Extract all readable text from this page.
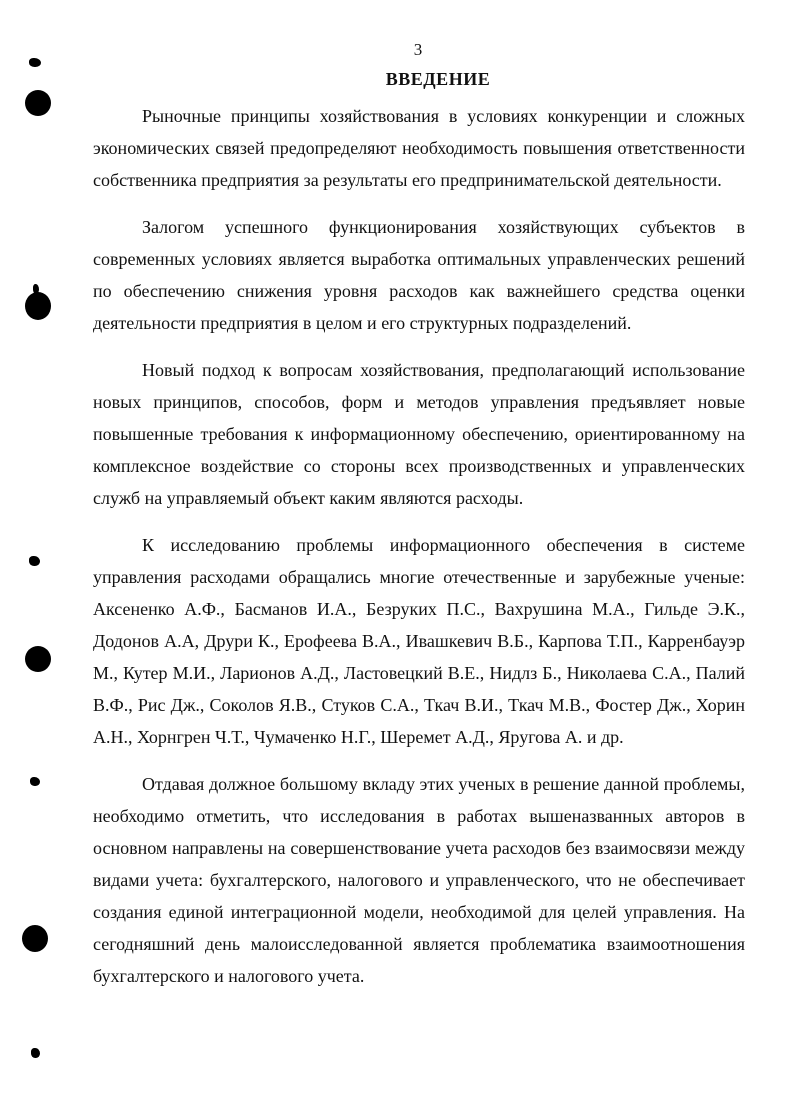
3
ВВЕДЕНИЕ

Рыночные принципы хозяйствования в условиях конкуренции и сложных экономических связей предопределяют необходимость повышения ответственности собственника предприятия за результаты его предпринимательской деятельности.

Залогом успешного функционирования хозяйствующих субъектов в современных условиях является выработка оптимальных управленческих решений по обеспечению снижения уровня расходов как важнейшего средства оценки деятельности предприятия в целом и его структурных подразделений.

Новый подход к вопросам хозяйствования, предполагающий использование новых принципов, способов, форм и методов управления предъявляет новые повышенные требования к информационному обеспечению, ориентированному на комплексное воздействие со стороны всех производственных и управленческих служб на управляемый объект каким являются расходы.

К исследованию проблемы информационного обеспечения в системе управления расходами обращались многие отечественные и зарубежные ученые: Аксененко А.Ф., Басманов И.А., Безруких П.С., Вахрушина М.А., Гильде Э.К., Додонов А.А, Друри К., Ерофеева В.А., Ивашкевич В.Б., Карпова Т.П., Карренбауэр М., Кутер М.И., Ларионов А.Д., Ластовецкий В.Е., Нидлз Б., Николаева С.А., Палий В.Ф., Рис Дж., Соколов Я.В., Стуков С.А., Ткач В.И., Ткач М.В., Фостер Дж., Хорин А.Н., Хорнгрен Ч.Т., Чумаченко Н.Г., Шеремет А.Д., Яругова А. и др.

Отдавая должное большому вкладу этих ученых в решение данной проблемы, необходимо отметить, что исследования в работах вышеназванных авторов в основном направлены на совершенствование учета расходов без взаимосвязи между видами учета: бухгалтерского, налогового и управленческого, что не обеспечивает создания единой интеграционной модели, необходимой для целей управления. На сегодняшний день малоисследованной является проблематика взаимоотношения бухгалтерского и налогового учета.
